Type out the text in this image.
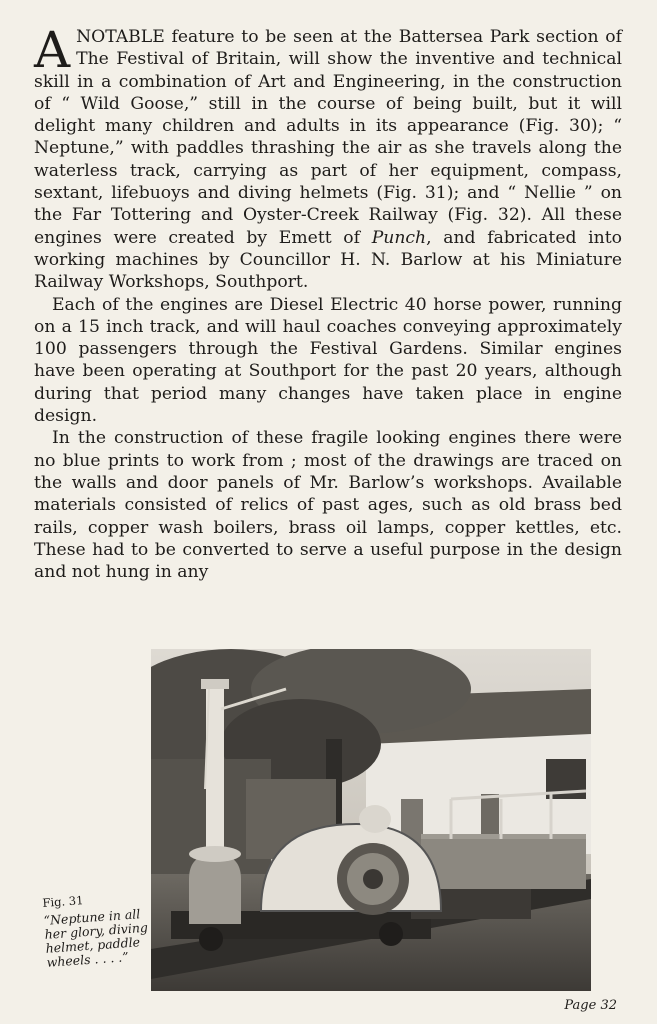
ANOTABLE feature to be seen at the Battersea Park section of The Festival of Britain, will show the inventive and technical skill in a combination of Art and Engineering, in the construction of “ Wild Goose,” still in the course of being built, but it will delight many children and adults in its appearance (Fig. 30); “ Neptune,” with paddles thrashing the air as she travels along the waterless track, carrying as part of her equipment, compass, sextant, lifebuoys and diving helmets (Fig. 31); and “ Nellie ” on the Far Tottering and Oyster-Creek Railway (Fig. 32). All these engines were created by Emett of Punch, and fabricated into working machines by Councillor H. N. Barlow at his Miniature Railway Workshops, Southport.

Each of the engines are Diesel Electric 40 horse power, running on a 15 inch track, and will haul coaches conveying approximately 100 passengers through the Festival Gardens. Similar engines have been operating at Southport for the past 20 years, although during that period many changes have taken place in engine design.

In the construction of these fragile looking engines there were no blue prints to work from ; most of the drawings are traced on the walls and door panels of Mr. Barlow’s workshops. Available materials consisted of relics of past ages, such as old brass bed rails, copper wash boilers, brass oil lamps, copper kettles, etc. These had to be converted to serve a useful purpose in the design and not hung in any

Fig. 31
“Neptune in all her glory, diving helmet, paddle wheels . . . .”
Page 32
